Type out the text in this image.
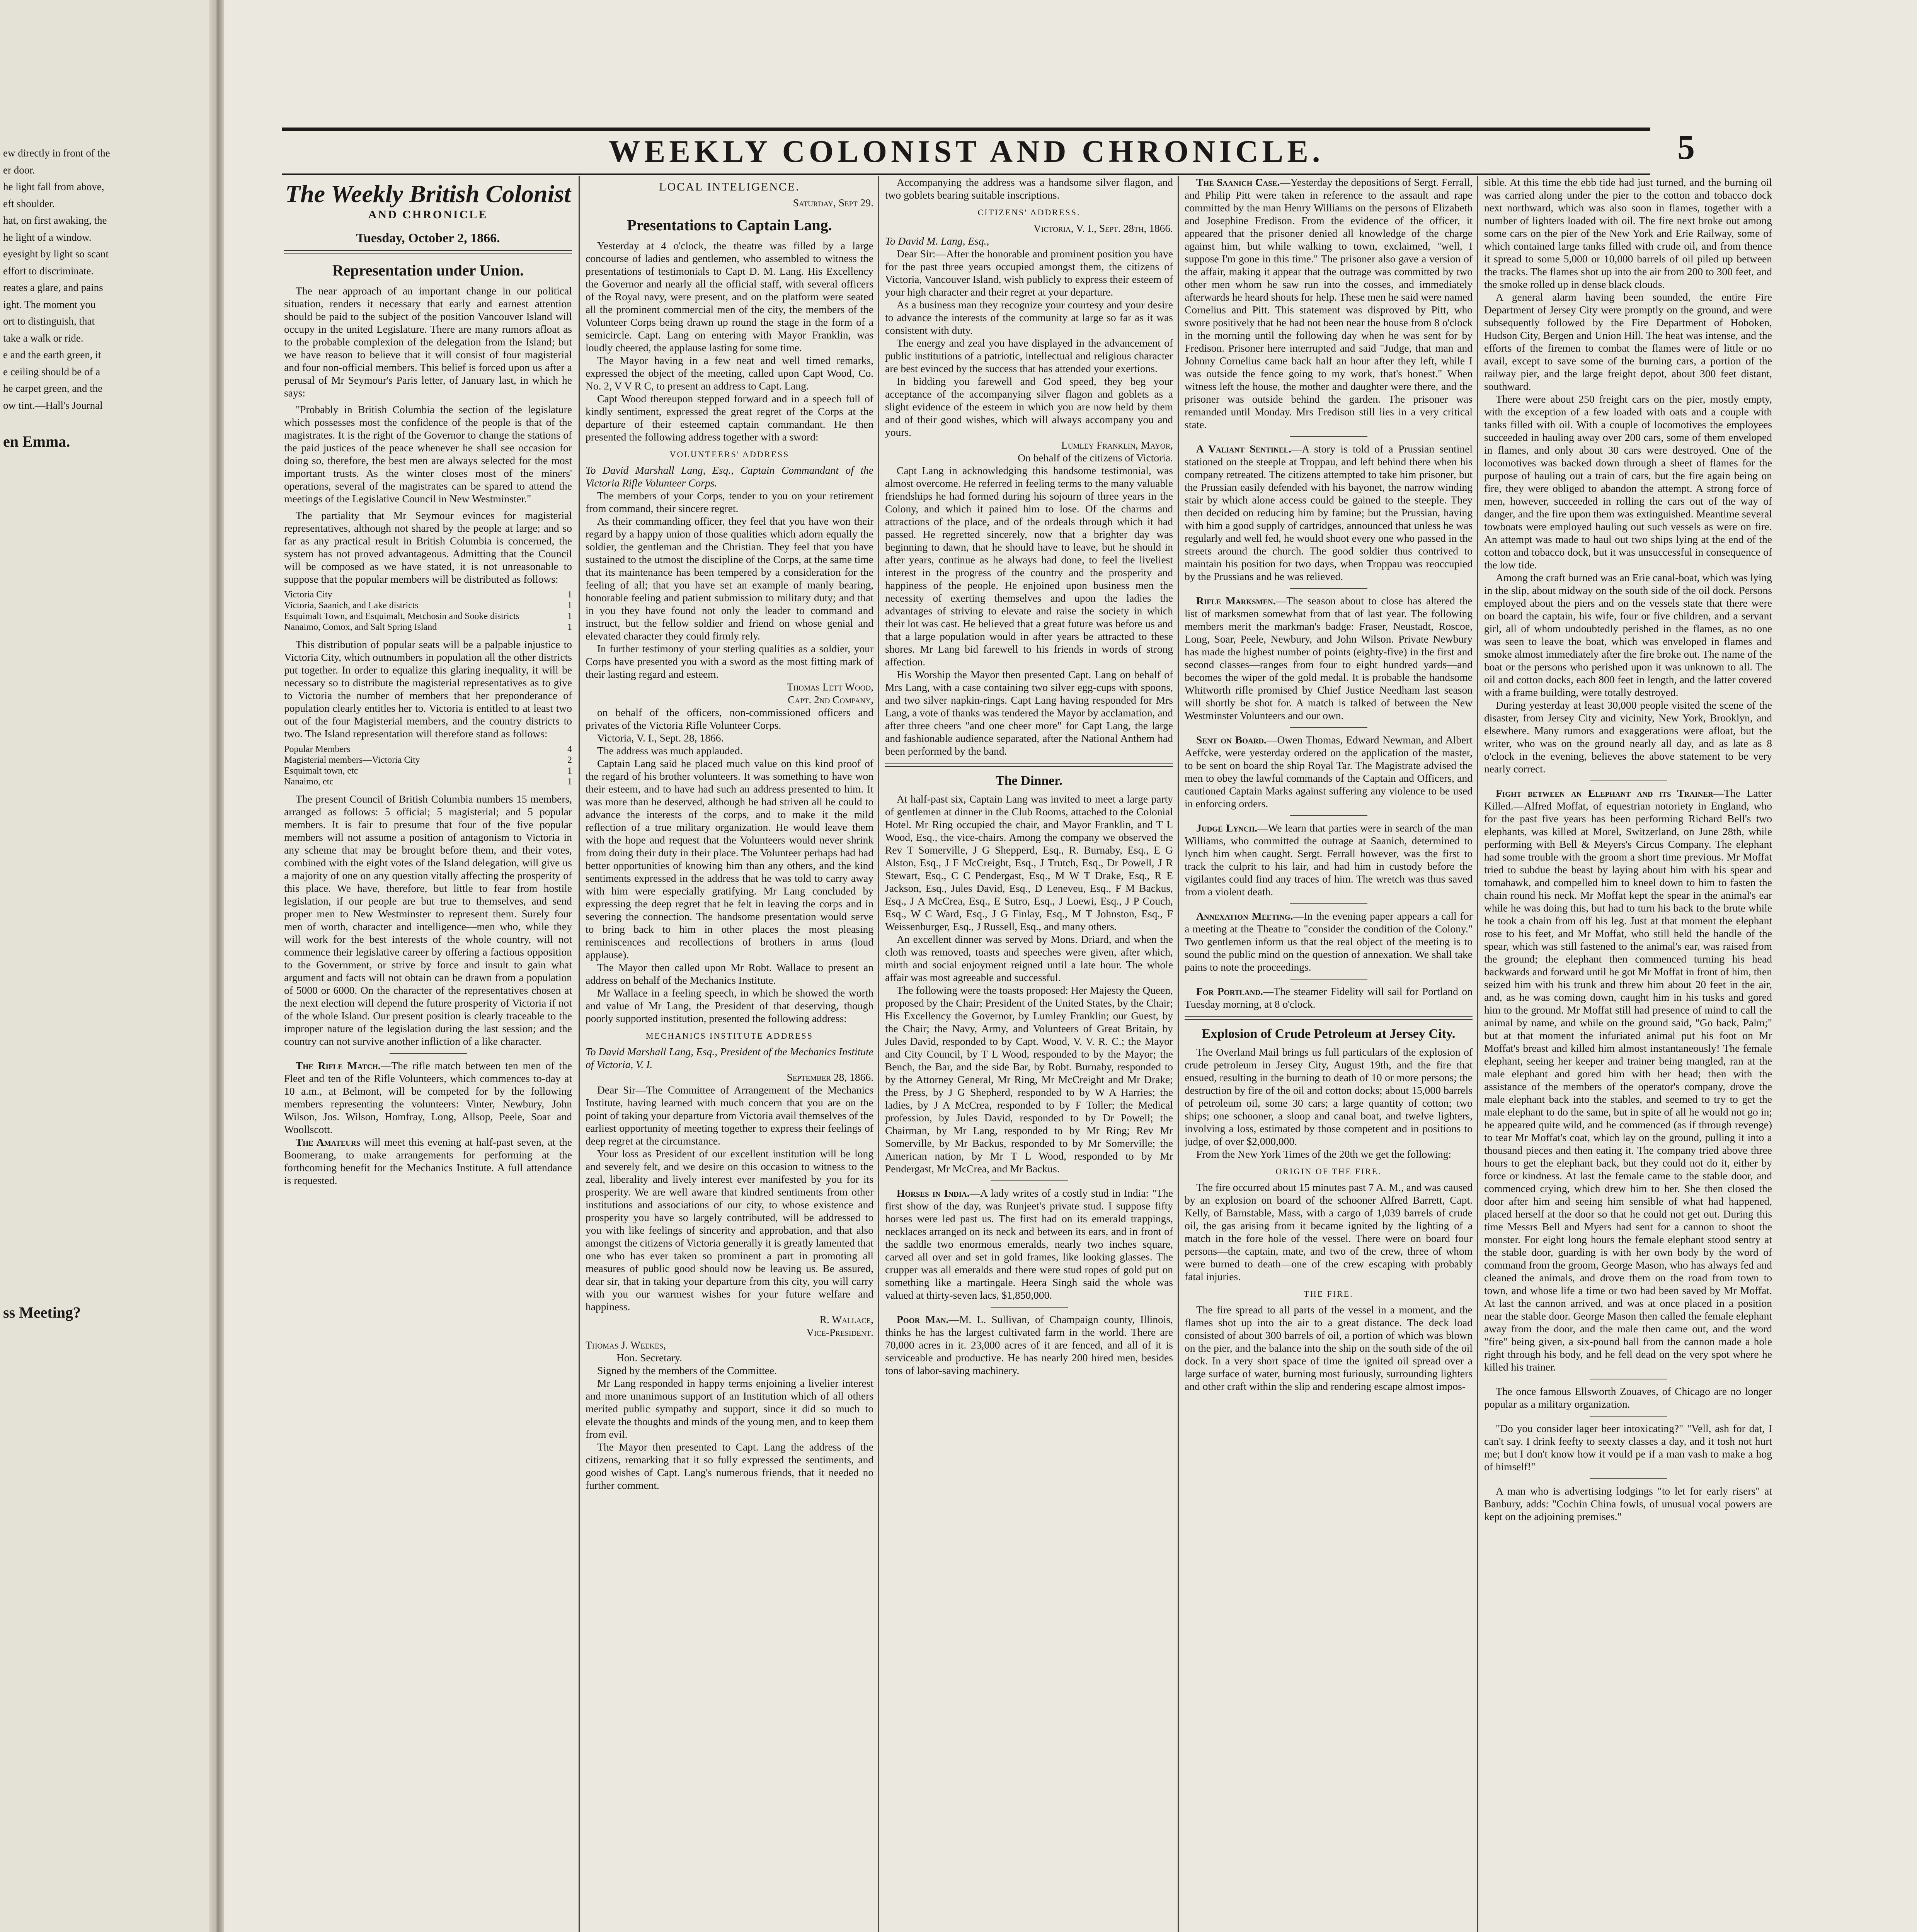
ew directly in front of the

er door.

he light fall from above,

eft shoulder.

hat, on first awaking, the

he light of a window.

eyesight by light so scant

effort to discriminate.

reates a glare, and pains

ight. The moment you

ort to distinguish, that

take a walk or ride.

e and the earth green, it

e ceiling should be of a

he carpet green, and the

ow tint.—Hall's Journal

en Emma.
ss Meeting?
WEEKLY COLONIST AND CHRONICLE.	5
The Weekly British Colonist
AND CHRONICLE
Tuesday, October 2, 1866.
Representation under Union.

The near approach of an important change in our political situation, renders it necessary that early and earnest attention should be paid to the subject of the position Vancouver Island will occupy in the united Legislature. There are many rumors afloat as to the probable complexion of the delegation from the Island; but we have reason to believe that it will consist of four magisterial and four non-official members. This belief is forced upon us after a perusal of Mr Seymour's Paris letter, of January last, in which he says:

"Probably in British Columbia the section of the legislature which possesses most the confidence of the people is that of the magistrates. It is the right of the Governor to change the stations of the paid justices of the peace whenever he shall see occasion for doing so, therefore, the best men are always selected for the most important trusts. As the winter closes most of the miners' operations, several of the magistrates can be spared to attend the meetings of the Legislative Council in New Westminster."

The partiality that Mr Seymour evinces for magisterial representatives, although not shared by the people at large; and so far as any practical result in British Columbia is concerned, the system has not proved advantageous. Admitting that the Council will be composed as we have stated, it is not unreasonable to suppose that the popular members will be distributed as follows:

Victoria City	1
Victoria, Saanich, and Lake districts	1
Esquimalt Town, and Esquimalt, Metchosin and Sooke districts	1
Nanaimo, Comox, and Salt Spring Island	1

This distribution of popular seats will be a palpable injustice to Victoria City, which outnumbers in population all the other districts put together. In order to equalize this glaring inequality, it will be necessary so to distribute the magisterial representatives as to give to Victoria the number of members that her preponderance of population clearly entitles her to. Victoria is entitled to at least two out of the four Magisterial members, and the country districts to two. The Island representation will therefore stand as follows:

Popular Members	4
Magisterial members—Victoria City	2
Esquimalt town, etc	1
Nanaimo, etc	1

The present Council of British Columbia numbers 15 members, arranged as follows: 5 official; 5 magisterial; and 5 popular members. It is fair to presume that four of the five popular members will not assume a position of antagonism to Victoria in any scheme that may be brought before them, and their votes, combined with the eight votes of the Island delegation, will give us a majority of one on any question vitally affecting the prosperity of this place. We have, therefore, but little to fear from hostile legislation, if our people are but true to themselves, and send proper men to New Westminster to represent them. Surely four men of worth, character and intelligence—men who, while they will work for the best interests of the whole country, will not commence their legislative career by offering a factious opposition to the Government, or strive by force and insult to gain what argument and facts will not obtain can be drawn from a population of 5000 or 6000. On the character of the representatives chosen at the next election will depend the future prosperity of Victoria if not of the whole Island. Our present position is clearly traceable to the improper nature of the legislation during the last session; and the country can not survive another infliction of a like character.

The Rifle Match.—The rifle match between ten men of the Fleet and ten of the Rifle Volunteers, which commences to-day at 10 a.m., at Belmont, will be competed for by the following members representing the volunteers: Vinter, Newbury, John Wilson, Jos. Wilson, Homfray, Long, Allsop, Peele, Soar and Woollscott.

The Amateurs will meet this evening at half-past seven, at the Boomerang, to make arrangements for performing at the forthcoming benefit for the Mechanics Institute. A full attendance is requested.

LOCAL INTELIGENCE.

Saturday, Sept 29.

Presentations to Captain Lang.

Yesterday at 4 o'clock, the theatre was filled by a large concourse of ladies and gentlemen, who assembled to witness the presentations of testimonials to Capt D. M. Lang. His Excellency the Governor and nearly all the official staff, with several officers of the Royal navy, were present, and on the platform were seated all the prominent commercial men of the city, the members of the Volunteer Corps being drawn up round the stage in the form of a semicircle. Capt. Lang on entering with Mayor Franklin, was loudly cheered, the applause lasting for some time.

The Mayor having in a few neat and well timed remarks, expressed the object of the meeting, called upon Capt Wood, Co. No. 2, V V R C, to present an address to Capt. Lang.

Capt Wood thereupon stepped forward and in a speech full of kindly sentiment, expressed the great regret of the Corps at the departure of their esteemed captain commandant. He then presented the following address together with a sword:

VOLUNTEERS' ADDRESS

To David Marshall Lang, Esq., Captain Commandant of the Victoria Rifle Volunteer Corps.

The members of your Corps, tender to you on your retirement from command, their sincere regret.

As their commanding officer, they feel that you have won their regard by a happy union of those qualities which adorn equally the soldier, the gentleman and the Christian. They feel that you have sustained to the utmost the discipline of the Corps, at the same time that its maintenance has been tempered by a consideration for the feeling of all; that you have set an example of manly bearing, honorable feeling and patient submission to military duty; and that in you they have found not only the leader to command and instruct, but the fellow soldier and friend on whose genial and elevated character they could firmly rely.

In further testimony of your sterling qualities as a soldier, your Corps have presented you with a sword as the most fitting mark of their lasting regard and esteem.

Thomas Lett Wood,

Capt. 2nd Company,

on behalf of the officers, non-commissioned officers and privates of the Victoria Rifle Volunteer Corps.

Victoria, V. I., Sept. 28, 1866.

The address was much applauded.

Captain Lang said he placed much value on this kind proof of the regard of his brother volunteers. It was something to have won their esteem, and to have had such an address presented to him. It was more than he deserved, although he had striven all he could to advance the interests of the corps, and to make it the mild reflection of a true military organization. He would leave them with the hope and request that the Volunteers would never shrink from doing their duty in their place. The Volunteer perhaps had had better opportunities of knowing him than any others, and the kind sentiments expressed in the address that he was told to carry away with him were especially gratifying. Mr Lang concluded by expressing the deep regret that he felt in leaving the corps and in severing the connection. The handsome presentation would serve to bring back to him in other places the most pleasing reminiscences and recollections of brothers in arms (loud applause).

The Mayor then called upon Mr Robt. Wallace to present an address on behalf of the Mechanics Institute.

Mr Wallace in a feeling speech, in which he showed the worth and value of Mr Lang, the President of that deserving, though poorly supported institution, presented the following address:

MECHANICS INSTITUTE ADDRESS

To David Marshall Lang, Esq., President of the Mechanics Institute of Victoria, V. I.

September 28, 1866.

Dear Sir—The Committee of Arrangement of the Mechanics Institute, having learned with much concern that you are on the point of taking your departure from Victoria avail themselves of the earliest opportunity of meeting together to express their feelings of deep regret at the circumstance.

Your loss as President of our excellent institution will be long and severely felt, and we desire on this occasion to witness to the zeal, liberality and lively interest ever manifested by you for its prosperity. We are well aware that kindred sentiments from other institutions and associations of our city, to whose existence and prosperity you have so largely contributed, will be addressed to you with like feelings of sincerity and approbation, and that also amongst the citizens of Victoria generally it is greatly lamented that one who has ever taken so prominent a part in promoting all measures of public good should now be leaving us. Be assured, dear sir, that in taking your departure from this city, you will carry with you our warmest wishes for your future welfare and happiness.

R. Wallace,

Vice-President.

Thomas J. Weekes,

Hon. Secretary.

Signed by the members of the Committee.

Mr Lang responded in happy terms enjoining a livelier interest and more unanimous support of an Institution which of all others merited public sympathy and support, since it did so much to elevate the thoughts and minds of the young men, and to keep them from evil.

The Mayor then presented to Capt. Lang the address of the citizens, remarking that it so fully expressed the sentiments, and good wishes of Capt. Lang's numerous friends, that it needed no further comment.

Accompanying the address was a handsome silver flagon, and two goblets bearing suitable inscriptions.

CITIZENS' ADDRESS.

Victoria, V. I., Sept. 28th, 1866.

To David M. Lang, Esq.,

Dear Sir:—After the honorable and prominent position you have for the past three years occupied amongst them, the citizens of Victoria, Vancouver Island, wish publicly to express their esteem of your high character and their regret at your departure.

As a business man they recognize your courtesy and your desire to advance the interests of the community at large so far as it was consistent with duty.

The energy and zeal you have displayed in the advancement of public institutions of a patriotic, intellectual and religious character are best evinced by the success that has attended your exertions.

In bidding you farewell and God speed, they beg your acceptance of the accompanying silver flagon and goblets as a slight evidence of the esteem in which you are now held by them and of their good wishes, which will always accompany you and yours.

Lumley Franklin, Mayor,

On behalf of the citizens of Victoria.

Capt Lang in acknowledging this handsome testimonial, was almost overcome. He referred in feeling terms to the many valuable friendships he had formed during his sojourn of three years in the Colony, and which it pained him to lose. Of the charms and attractions of the place, and of the ordeals through which it had passed. He regretted sincerely, now that a brighter day was beginning to dawn, that he should have to leave, but he should in after years, continue as he always had done, to feel the liveliest interest in the progress of the country and the prosperity and happiness of the people. He enjoined upon business men the necessity of exerting themselves and upon the ladies the advantages of striving to elevate and raise the society in which their lot was cast. He believed that a great future was before us and that a large population would in after years be attracted to these shores. Mr Lang bid farewell to his friends in words of strong affection.

His Worship the Mayor then presented Capt. Lang on behalf of Mrs Lang, with a case containing two silver egg-cups with spoons, and two silver napkin-rings. Capt Lang having responded for Mrs Lang, a vote of thanks was tendered the Mayor by acclamation, and after three cheers "and one cheer more" for Capt Lang, the large and fashionable audience separated, after the National Anthem had been performed by the band.

The Dinner.

At half-past six, Captain Lang was invited to meet a large party of gentlemen at dinner in the Club Rooms, attached to the Colonial Hotel. Mr Ring occupied the chair, and Mayor Franklin, and T L Wood, Esq., the vice-chairs. Among the company we observed the Rev T Somerville, J G Shepperd, Esq., R. Burnaby, Esq., E G Alston, Esq., J F McCreight, Esq., J Trutch, Esq., Dr Powell, J R Stewart, Esq., C C Pendergast, Esq., M W T Drake, Esq., R E Jackson, Esq., Jules David, Esq., D Leneveu, Esq., F M Backus, Esq., J A McCrea, Esq., E Sutro, Esq., J Loewi, Esq., J P Couch, Esq., W C Ward, Esq., J G Finlay, Esq., M T Johnston, Esq., F Weissenburger, Esq., J Russell, Esq., and many others.

An excellent dinner was served by Mons. Driard, and when the cloth was removed, toasts and speeches were given, after which, mirth and social enjoyment reigned until a late hour. The whole affair was most agreeable and successful.

The following were the toasts proposed: Her Majesty the Queen, proposed by the Chair; President of the United States, by the Chair; His Excellency the Governor, by Lumley Franklin; our Guest, by the Chair; the Navy, Army, and Volunteers of Great Britain, by Jules David, responded to by Capt. Wood, V. V. R. C.; the Mayor and City Council, by T L Wood, responded to by the Mayor; the Bench, the Bar, and the side Bar, by Robt. Burnaby, responded to by the Attorney General, Mr Ring, Mr McCreight and Mr Drake; the Press, by J G Shepherd, responded to by W A Harries; the ladies, by J A McCrea, responded to by F Toller; the Medical profession, by Jules David, responded to by Dr Powell; the Chairman, by Mr Lang, responded to by Mr Ring; Rev Mr Somerville, by Mr Backus, responded to by Mr Somerville; the American nation, by Mr T L Wood, responded to by Mr Pendergast, Mr McCrea, and Mr Backus.

Horses in India.—A lady writes of a costly stud in India: "The first show of the day, was Runjeet's private stud. I suppose fifty horses were led past us. The first had on its emerald trappings, necklaces arranged on its neck and between its ears, and in front of the saddle two enormous emeralds, nearly two inches square, carved all over and set in gold frames, like looking glasses. The crupper was all emeralds and there were stud ropes of gold put on something like a martingale. Heera Singh said the whole was valued at thirty-seven lacs, $1,850,000.

Poor Man.—M. L. Sullivan, of Champaign county, Illinois, thinks he has the largest cultivated farm in the world. There are 70,000 acres in it. 23,000 acres of it are fenced, and all of it is serviceable and productive. He has nearly 200 hired men, besides tons of labor-saving machinery.

The Saanich Case.—Yesterday the depositions of Sergt. Ferrall, and Philip Pitt were taken in reference to the assault and rape committed by the man Henry Williams on the persons of Elizabeth and Josephine Fredison. From the evidence of the officer, it appeared that the prisoner denied all knowledge of the charge against him, but while walking to town, exclaimed, "well, I suppose I'm gone in this time." The prisoner also gave a version of the affair, making it appear that the outrage was committed by two other men whom he saw run into the cosses, and immediately afterwards he heard shouts for help. These men he said were named Cornelius and Pitt. This statement was disproved by Pitt, who swore positively that he had not been near the house from 8 o'clock in the morning until the following day when he was sent for by Fredison. Prisoner here interrupted and said "Judge, that man and Johnny Cornelius came back half an hour after they left, while I was outside the fence going to my work, that's honest." When witness left the house, the mother and daughter were there, and the prisoner was outside behind the garden. The prisoner was remanded until Monday. Mrs Fredison still lies in a very critical state.

A Valiant Sentinel.—A story is told of a Prussian sentinel stationed on the steeple at Troppau, and left behind there when his company retreated. The citizens attempted to take him prisoner, but the Prussian easily defended with his bayonet, the narrow winding stair by which alone access could be gained to the steeple. They then decided on reducing him by famine; but the Prussian, having with him a good supply of cartridges, announced that unless he was regularly and well fed, he would shoot every one who passed in the streets around the church. The good soldier thus contrived to maintain his position for two days, when Troppau was reoccupied by the Prussians and he was relieved.

Rifle Marksmen.—The season about to close has altered the list of marksmen somewhat from that of last year. The following members merit the markman's badge: Fraser, Neustadt, Roscoe, Long, Soar, Peele, Newbury, and John Wilson. Private Newbury has made the highest number of points (eighty-five) in the first and second classes—ranges from four to eight hundred yards—and becomes the wiper of the gold medal. It is probable the handsome Whitworth rifle promised by Chief Justice Needham last season will shortly be shot for. A match is talked of between the New Westminster Volunteers and our own.

Sent on Board.—Owen Thomas, Edward Newman, and Albert Aeffcke, were yesterday ordered on the application of the master, to be sent on board the ship Royal Tar. The Magistrate advised the men to obey the lawful commands of the Captain and Officers, and cautioned Captain Marks against suffering any violence to be used in enforcing orders.

Judge Lynch.—We learn that parties were in search of the man Williams, who committed the outrage at Saanich, determined to lynch him when caught. Sergt. Ferrall however, was the first to track the culprit to his lair, and had him in custody before the vigilantes could find any traces of him. The wretch was thus saved from a violent death.

Annexation Meeting.—In the evening paper appears a call for a meeting at the Theatre to "consider the condition of the Colony." Two gentlemen inform us that the real object of the meeting is to sound the public mind on the question of annexation. We shall take pains to note the proceedings.

For Portland.—The steamer Fidelity will sail for Portland on Tuesday morning, at 8 o'clock.

Explosion of Crude Petroleum at Jersey City.

The Overland Mail brings us full particulars of the explosion of crude petroleum in Jersey City, August 19th, and the fire that ensued, resulting in the burning to death of 10 or more persons; the destruction by fire of the oil and cotton docks; about 15,000 barrels of petroleum oil, some 30 cars; a large quantity of cotton; two ships; one schooner, a sloop and canal boat, and twelve lighters, involving a loss, estimated by those competent and in positions to judge, of over $2,000,000.

From the New York Times of the 20th we get the following:

ORIGIN OF THE FIRE.

The fire occurred about 15 minutes past 7 A. M., and was caused by an explosion on board of the schooner Alfred Barrett, Capt. Kelly, of Barnstable, Mass, with a cargo of 1,039 barrels of crude oil, the gas arising from it became ignited by the lighting of a match in the fore hole of the vessel. There were on board four persons—the captain, mate, and two of the crew, three of whom were burned to death—one of the crew escaping with probably fatal injuries.

THE FIRE.

The fire spread to all parts of the vessel in a moment, and the flames shot up into the air to a great distance. The deck load consisted of about 300 barrels of oil, a portion of which was blown on the pier, and the balance into the ship on the south side of the oil dock. In a very short space of time the ignited oil spread over a large surface of water, burning most furiously, surrounding lighters and other craft within the slip and rendering escape almost impos-

sible. At this time the ebb tide had just turned, and the burning oil was carried along under the pier to the cotton and tobacco dock next northward, which was also soon in flames, together with a number of lighters loaded with oil. The fire next broke out among some cars on the pier of the New York and Erie Railway, some of which contained large tanks filled with crude oil, and from thence it spread to some 5,000 or 10,000 barrels of oil piled up between the tracks. The flames shot up into the air from 200 to 300 feet, and the smoke rolled up in dense black clouds.

A general alarm having been sounded, the entire Fire Department of Jersey City were promptly on the ground, and were subsequently followed by the Fire Department of Hoboken, Hudson City, Bergen and Union Hill. The heat was intense, and the efforts of the firemen to combat the flames were of little or no avail, except to save some of the burning cars, a portion of the railway pier, and the large freight depot, about 300 feet distant, southward.

There were about 250 freight cars on the pier, mostly empty, with the exception of a few loaded with oats and a couple with tanks filled with oil. With a couple of locomotives the employees succeeded in hauling away over 200 cars, some of them enveloped in flames, and only about 30 cars were destroyed. One of the locomotives was backed down through a sheet of flames for the purpose of hauling out a train of cars, but the fire again being on fire, they were obliged to abandon the attempt. A strong force of men, however, succeeded in rolling the cars out of the way of danger, and the fire upon them was extinguished. Meantime several towboats were employed hauling out such vessels as were on fire. An attempt was made to haul out two ships lying at the end of the cotton and tobacco dock, but it was unsuccessful in consequence of the low tide.

Among the craft burned was an Erie canal-boat, which was lying in the slip, about midway on the south side of the oil dock. Persons employed about the piers and on the vessels state that there were on board the captain, his wife, four or five children, and a servant girl, all of whom undoubtedly perished in the flames, as no one was seen to leave the boat, which was enveloped in flames and smoke almost immediately after the fire broke out. The name of the boat or the persons who perished upon it was unknown to all. The oil and cotton docks, each 800 feet in length, and the latter covered with a frame building, were totally destroyed.

During yesterday at least 30,000 people visited the scene of the disaster, from Jersey City and vicinity, New York, Brooklyn, and elsewhere. Many rumors and exaggerations were afloat, but the writer, who was on the ground nearly all day, and as late as 8 o'clock in the evening, believes the above statement to be very nearly correct.

Fight between an Elephant and its Trainer—The Latter Killed.—Alfred Moffat, of equestrian notoriety in England, who for the past five years has been performing Richard Bell's two elephants, was killed at Morel, Switzerland, on June 28th, while performing with Bell & Meyers's Circus Company. The elephant had some trouble with the groom a short time previous. Mr Moffat tried to subdue the beast by laying about him with his spear and tomahawk, and compelled him to kneel down to him to fasten the chain round his neck. Mr Moffat kept the spear in the animal's ear while he was doing this, but had to turn his back to the brute while he took a chain from off his leg. Just at that moment the elephant rose to his feet, and Mr Moffat, who still held the handle of the spear, which was still fastened to the animal's ear, was raised from the ground; the elephant then commenced turning his head backwards and forward until he got Mr Moffat in front of him, then seized him with his trunk and threw him about 20 feet in the air, and, as he was coming down, caught him in his tusks and gored him to the ground. Mr Moffat still had presence of mind to call the animal by name, and while on the ground said, "Go back, Palm;" but at that moment the infuriated animal put his foot on Mr Moffat's breast and killed him almost instantaneously! The female elephant, seeing her keeper and trainer being mangled, ran at the male elephant and gored him with her head; then with the assistance of the members of the operator's company, drove the male elephant back into the stables, and seemed to try to get the male elephant to do the same, but in spite of all he would not go in; he appeared quite wild, and he commenced (as if through revenge) to tear Mr Moffat's coat, which lay on the ground, pulling it into a thousand pieces and then eating it. The company tried above three hours to get the elephant back, but they could not do it, either by force or kindness. At last the female came to the stable door, and commenced crying, which drew him to her. She then closed the door after him and seeing him sensible of what had happened, placed herself at the door so that he could not get out. During this time Messrs Bell and Myers had sent for a cannon to shoot the monster. For eight long hours the female elephant stood sentry at the stable door, guarding is with her own body by the word of command from the groom, George Mason, who has always fed and cleaned the animals, and drove them on the road from town to town, and whose life a time or two had been saved by Mr Moffat. At last the cannon arrived, and was at once placed in a position near the stable door. George Mason then called the female elephant away from the door, and the male then came out, and the word "fire" being given, a six-pound ball from the cannon made a hole right through his body, and he fell dead on the very spot where he killed his trainer.

The once famous Ellsworth Zouaves, of Chicago are no longer popular as a military organization.

"Do you consider lager beer intoxicating?" "Vell, ash for dat, I can't say. I drink feefty to seexty classes a day, and it tosh not hurt me; but I don't know how it vould pe if a man vash to make a hog of himself!"

A man who is advertising lodgings "to let for early risers" at Banbury, adds: "Cochin China fowls, of unusual vocal powers are kept on the adjoining premises."
